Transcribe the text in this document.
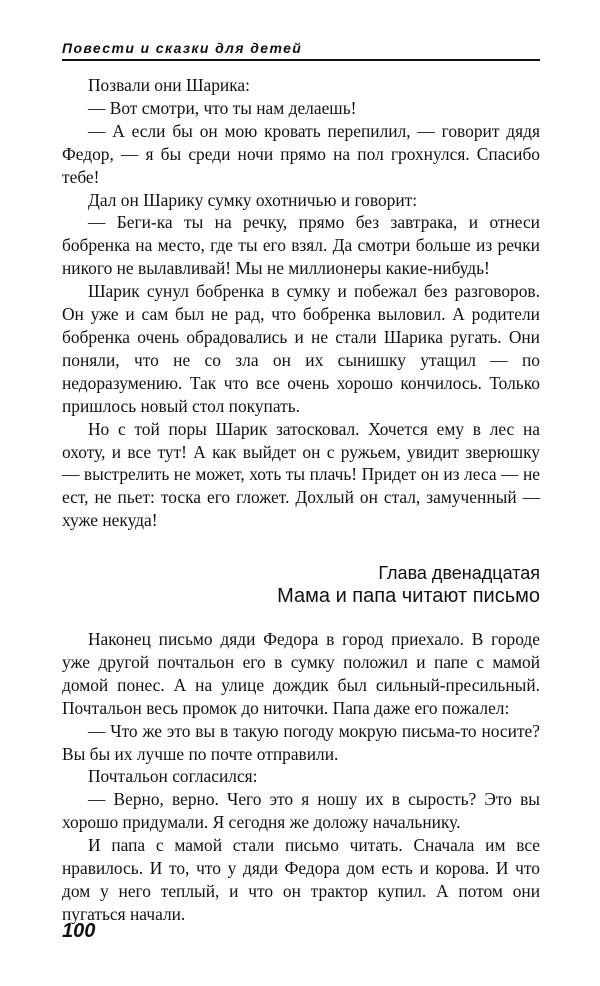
Повести и сказки для детей

Позвали они Шарика:

— Вот смотри, что ты нам делаешь!

— А если бы он мою кровать перепилил, — говорит дядя Федор, — я бы среди ночи прямо на пол грохнулся. Спасибо тебе!

Дал он Шарику сумку охотничью и говорит:

— Беги-ка ты на речку, прямо без завтрака, и отнеси бобренка на место, где ты его взял. Да смотри больше из речки никого не вылавливай! Мы не миллионеры какие-нибудь!

Шарик сунул бобренка в сумку и побежал без разговоров. Он уже и сам был не рад, что бобренка выловил. А родители бобренка очень обрадовались и не стали Шарика ругать. Они поняли, что не со зла он их сынишку утащил — по недоразумению. Так что все очень хорошо кончилось. Только пришлось новый стол покупать.

Но с той поры Шарик затосковал. Хочется ему в лес на охоту, и все тут! А как выйдет он с ружьем, увидит зверюшку — выстрелить не может, хоть ты плачь! Придет он из леса — не ест, не пьет: тоска его гложет. Дохлый он стал, замученный — хуже некуда!

Глава двенадцатая
Мама и папа читают письмо

Наконец письмо дяди Федора в город приехало. В городе уже другой почтальон его в сумку положил и папе с мамой домой понес. А на улице дождик был сильный-пресильный. Почтальон весь промок до ниточки. Папа даже его пожалел:

— Что же это вы в такую погоду мокрую письма-то носите? Вы бы их лучше по почте отправили.

Почтальон согласился:

— Верно, верно. Чего это я ношу их в сырость? Это вы хорошо придумали. Я сегодня же доложу начальнику.

И папа с мамой стали письмо читать. Сначала им все нравилось. И то, что у дяди Федора дом есть и корова. И что дом у него теплый, и что он трактор купил. А потом они пугаться начали.

100
